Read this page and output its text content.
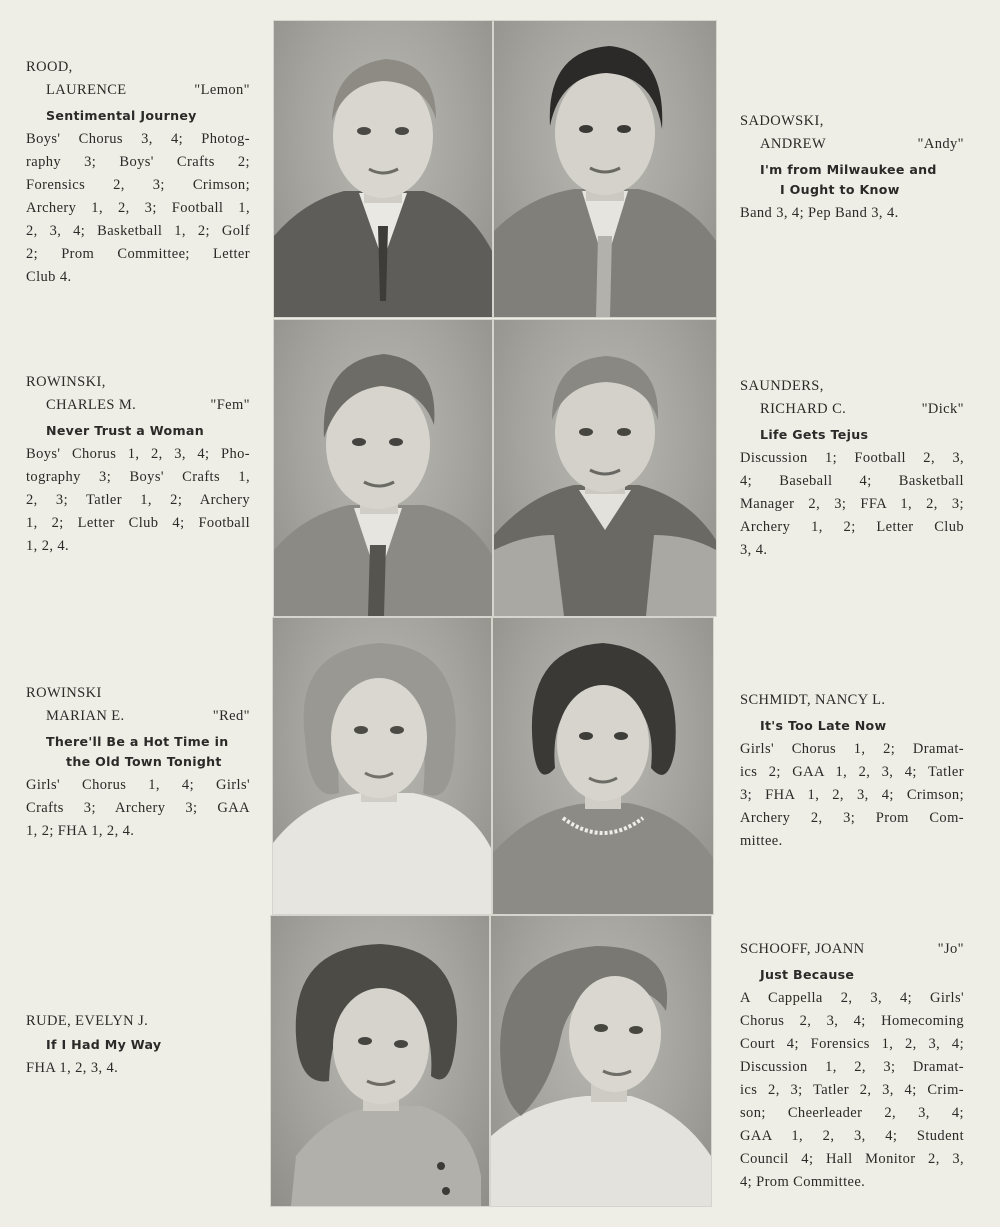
ROOD,
LAURENCE	"Lemon"
Sentimental Journey
Boys' Chorus 3, 4; Photog-
raphy 3; Boys' Crafts 2;
Forensics 2, 3; Crimson;
Archery 1, 2, 3; Football 1,
2, 3, 4; Basketball 1, 2; Golf
2; Prom Committee; Letter
Club 4.
ROWINSKI,
CHARLES M.	"Fem"
Never Trust a Woman
Boys' Chorus 1, 2, 3, 4; Pho-
tography 3; Boys' Crafts 1,
2, 3; Tatler 1, 2; Archery
1, 2; Letter Club 4; Football
1, 2, 4.
ROWINSKI
MARIAN E.	"Red"
There'll Be a Hot Time in
the Old Town Tonight
Girls' Chorus 1, 4; Girls'
Crafts 3; Archery 3; GAA
1, 2; FHA 1, 2, 4.
RUDE, EVELYN J.
If I Had My Way
FHA 1, 2, 3, 4.
SADOWSKI,
ANDREW	"Andy"
I'm from Milwaukee and
I Ought to Know
Band 3, 4; Pep Band 3, 4.
SAUNDERS,
RICHARD C.	"Dick"
Life Gets Tejus
Discussion 1; Football 2, 3,
4; Baseball 4; Basketball
Manager 2, 3; FFA 1, 2, 3;
Archery 1, 2; Letter Club
3, 4.
SCHMIDT, NANCY L.
It's Too Late Now
Girls' Chorus 1, 2; Dramat-
ics 2; GAA 1, 2, 3, 4; Tatler
3; FHA 1, 2, 3, 4; Crimson;
Archery 2, 3; Prom Com-
mittee.
SCHOOFF, JOANN	"Jo"
Just Because
A Cappella 2, 3, 4; Girls'
Chorus 2, 3, 4; Homecoming
Court 4; Forensics 1, 2, 3, 4;
Discussion 1, 2, 3; Dramat-
ics 2, 3; Tatler 2, 3, 4; Crim-
son; Cheerleader 2, 3, 4;
GAA 1, 2, 3, 4; Student
Council 4; Hall Monitor 2, 3,
4; Prom Committee.
